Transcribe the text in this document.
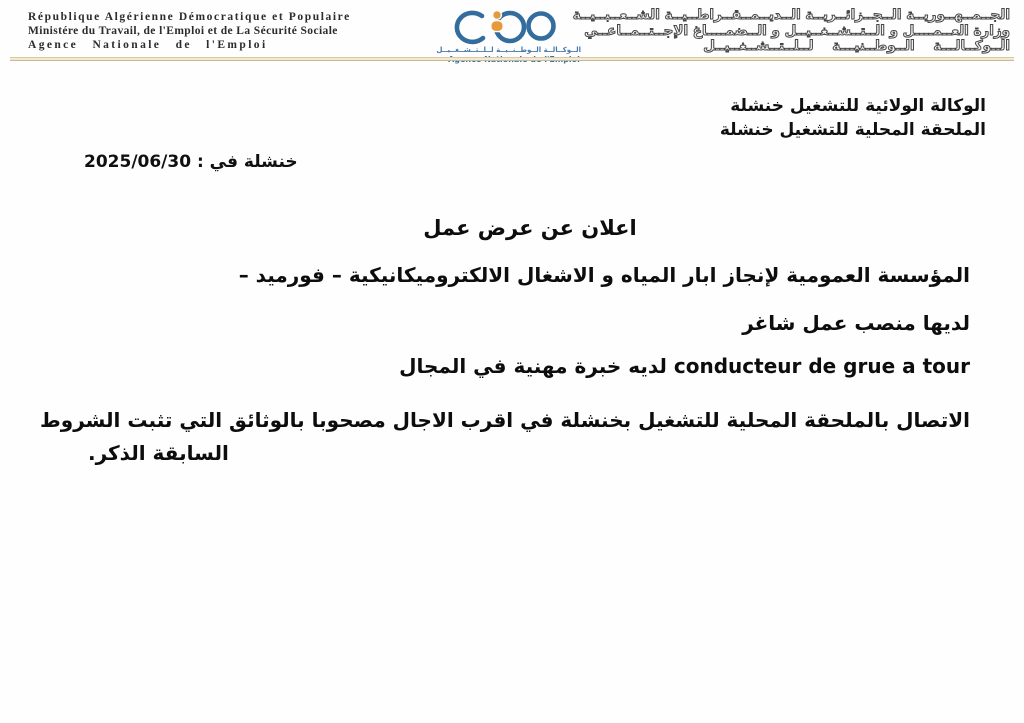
République Algérienne Démocratique et Populaire
Ministére du Travail, de l'Emploi et de La Sécurité Sociale
Agence Nationale de l'Emploi	الــوكــالــة الــوطــنــيــة لــلــتــشــغــيــل
الجــمــهــوريــة الــجــزائــريــة الــديــمــقــراطــيــة الشــعــبــيــة
وزارة العــمــــل و الــتــشــغــيــل و الــضمــــاغ الإجــتــمــاعــي
الــوكــالـــة الــوطــنيـــة لــلــتــشــغــيــل
الوكالة الولائية للتشغيل خنشلة
الملحقة المحلية للتشغيل خنشلة
خنشلة في : 2025/06/30
اعلان عن عرض عمل
المؤسسة العمومية لإنجاز ابار المياه و الاشغال الالكتروميكانيكية – فورميد –
لديها منصب عمل شاغر
conducteur de grue a tour لديه خبرة مهنية في المجال
الاتصال بالملحقة المحلية للتشغيل بخنشلة في اقرب الاجال مصحوبا بالوثائق التي تثبت الشروط
السابقة الذكر.
